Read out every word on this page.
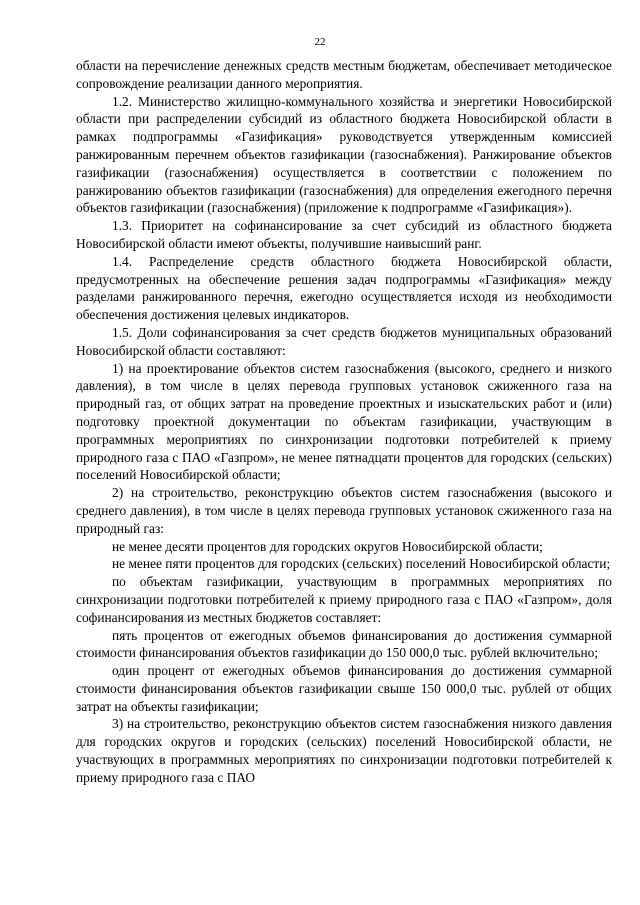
22

области на перечисление денежных средств местным бюджетам, обеспечивает методическое сопровождение реализации данного мероприятия.

1.2. Министерство жилищно-коммунального хозяйства и энергетики Новосибирской области при распределении субсидий из областного бюджета Новосибирской области в рамках подпрограммы «Газификация» руководствуется утвержденным комиссией ранжированным перечнем объектов газификации (газоснабжения). Ранжирование объектов газификации (газоснабжения) осуществляется в соответствии с положением по ранжированию объектов газификации (газоснабжения) для определения ежегодного перечня объектов газификации (газоснабжения) (приложение к подпрограмме «Газификация»).

1.3. Приоритет на софинансирование за счет субсидий из областного бюджета Новосибирской области имеют объекты, получившие наивысший ранг.

1.4. Распределение средств областного бюджета Новосибирской области, предусмотренных на обеспечение решения задач подпрограммы «Газификация» между разделами ранжированного перечня, ежегодно осуществляется исходя из необходимости обеспечения достижения целевых индикаторов.

1.5. Доли софинансирования за счет средств бюджетов муниципальных образований Новосибирской области составляют:

1) на проектирование объектов систем газоснабжения (высокого, среднего и низкого давления), в том числе в целях перевода групповых установок сжиженного газа на природный газ, от общих затрат на проведение проектных и изыскательских работ и (или) подготовку проектной документации по объектам газификации, участвующим в программных мероприятиях по синхронизации подготовки потребителей к приему природного газа с ПАО «Газпром», не менее пятнадцати процентов для городских (сельских) поселений Новосибирской области;

2) на строительство, реконструкцию объектов систем газоснабжения (высокого и среднего давления), в том числе в целях перевода групповых установок сжиженного газа на природный газ:

не менее десяти процентов для городских округов Новосибирской области;

не менее пяти процентов для городских (сельских) поселений Новосибирской области;

по объектам газификации, участвующим в программных мероприятиях по синхронизации подготовки потребителей к приему природного газа с ПАО «Газпром», доля софинансирования из местных бюджетов составляет:

пять процентов от ежегодных объемов финансирования до достижения суммарной стоимости финансирования объектов газификации до 150 000,0 тыс. рублей включительно;

один процент от ежегодных объемов финансирования до достижения суммарной стоимости финансирования объектов газификации свыше 150 000,0 тыс. рублей от общих затрат на объекты газификации;

3) на строительство, реконструкцию объектов систем газоснабжения низкого давления для городских округов и городских (сельских) поселений Новосибирской области, не участвующих в программных мероприятиях по синхронизации подготовки потребителей к приему природного газа с ПАО
